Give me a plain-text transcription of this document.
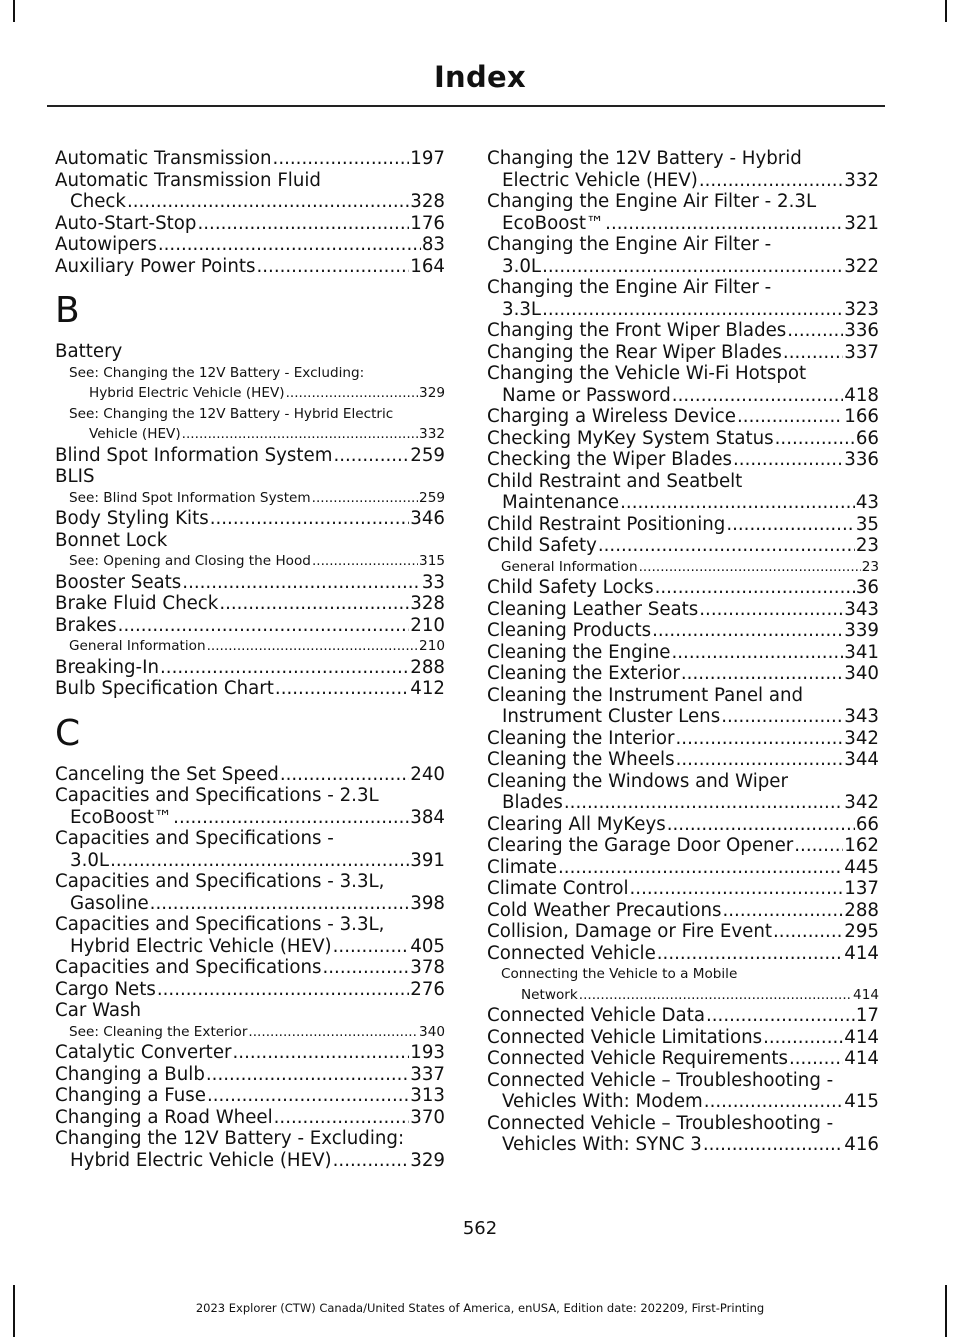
Index
Automatic Transmission .....	197
Automatic Transmission Fluid
Check .....	328
Auto-Start-Stop .....	176
Autowipers .....	83
Auxiliary Power Points .....	164
B
Battery
See: Changing the 12V Battery - Excluding:
Hybrid Electric Vehicle (HEV) .....	329
See: Changing the 12V Battery - Hybrid Electric
Vehicle (HEV) .....	332
Blind Spot Information System .....	259
BLIS
See: Blind Spot Information System .....	259
Body Styling Kits .....	346
Bonnet Lock
See: Opening and Closing the Hood .....	315
Booster Seats .....	33
Brake Fluid Check .....	328
Brakes .....	210
General Information .....	210
Breaking-In .....	288
Bulb Specification Chart .....	412
C
Canceling the Set Speed .....	240
Capacities and Specifications - 2.3L
EcoBoost™ .....	384
Capacities and Specifications -
3.0L .....	391
Capacities and Specifications - 3.3L,
Gasoline .....	398
Capacities and Specifications - 3.3L,
Hybrid Electric Vehicle (HEV) .....	405
Capacities and Specifications .....	378
Cargo Nets .....	276
Car Wash
See: Cleaning the Exterior .....	340
Catalytic Converter .....	193
Changing a Bulb .....	337
Changing a Fuse .....	313
Changing a Road Wheel .....	370
Changing the 12V Battery - Excluding:
Hybrid Electric Vehicle (HEV) .....	329
Changing the 12V Battery - Hybrid
Electric Vehicle (HEV) .....	332
Changing the Engine Air Filter - 2.3L
EcoBoost™ .....	321
Changing the Engine Air Filter -
3.0L .....	322
Changing the Engine Air Filter -
3.3L .....	323
Changing the Front Wiper Blades .....	336
Changing the Rear Wiper Blades .....	337
Changing the Vehicle Wi-Fi Hotspot
Name or Password .....	418
Charging a Wireless Device .....	166
Checking MyKey System Status .....	66
Checking the Wiper Blades .....	336
Child Restraint and Seatbelt
Maintenance .....	43
Child Restraint Positioning .....	35
Child Safety .....	23
General Information .....	23
Child Safety Locks .....	36
Cleaning Leather Seats .....	343
Cleaning Products .....	339
Cleaning the Engine .....	341
Cleaning the Exterior .....	340
Cleaning the Instrument Panel and
Instrument Cluster Lens .....	343
Cleaning the Interior .....	342
Cleaning the Wheels .....	344
Cleaning the Windows and Wiper
Blades .....	342
Clearing All MyKeys .....	66
Clearing the Garage Door Opener .....	162
Climate .....	445
Climate Control .....	137
Cold Weather Precautions .....	288
Collision, Damage or Fire Event .....	295
Connected Vehicle .....	414
Connecting the Vehicle to a Mobile
Network .....	414
Connected Vehicle Data .....	17
Connected Vehicle Limitations .....	414
Connected Vehicle Requirements .....	414
Connected Vehicle – Troubleshooting -
Vehicles With: Modem .....	415
Connected Vehicle – Troubleshooting -
Vehicles With: SYNC 3 .....	416
562
2023 Explorer (CTW) Canada/United States of America, enUSA, Edition date: 202209, First-Printing
